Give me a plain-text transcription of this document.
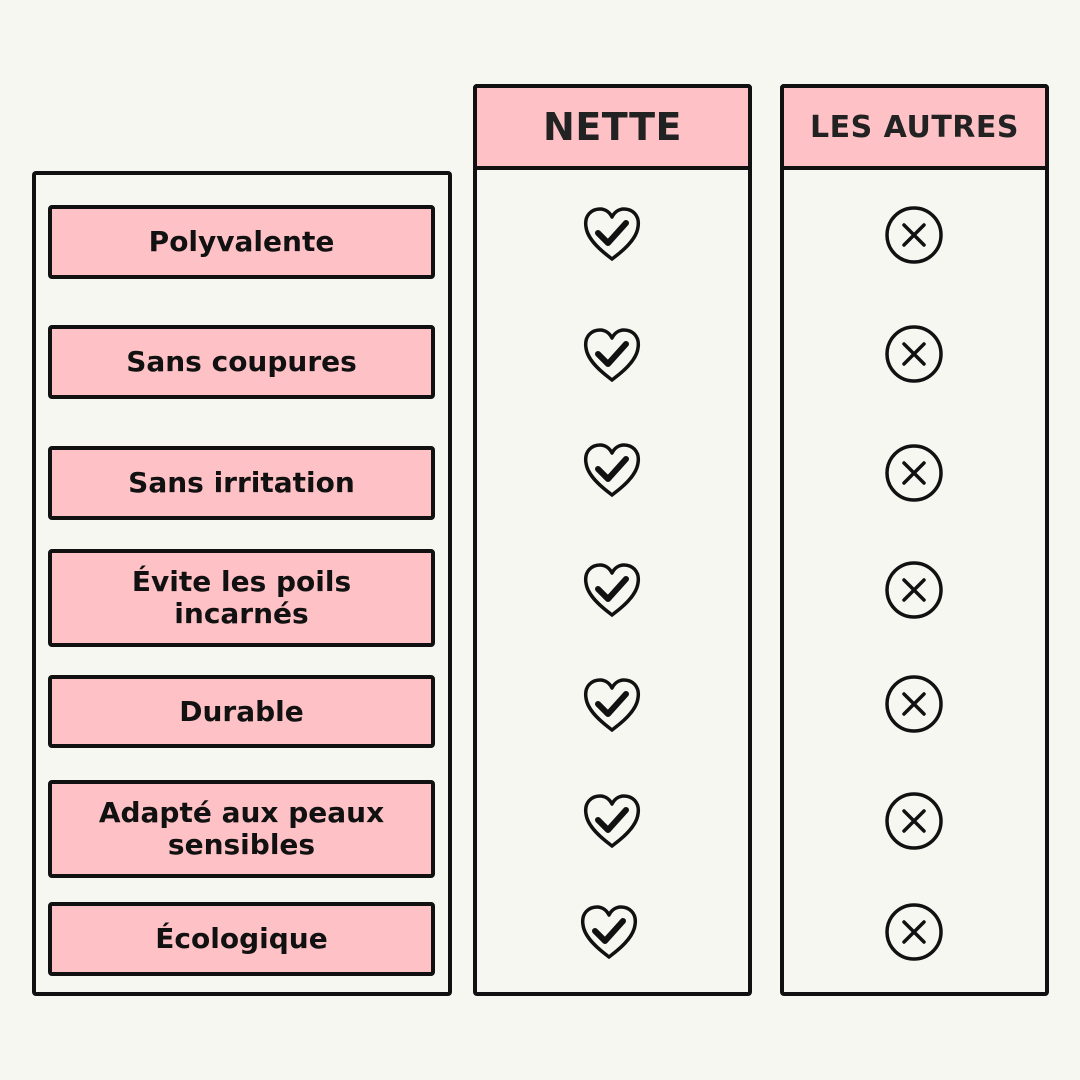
NETTE	LES AUTRES
Polyvalente
Sans coupures
Sans irritation
Évite les poils incarnés
Durable
Adapté aux peaux sensibles
Écologique
